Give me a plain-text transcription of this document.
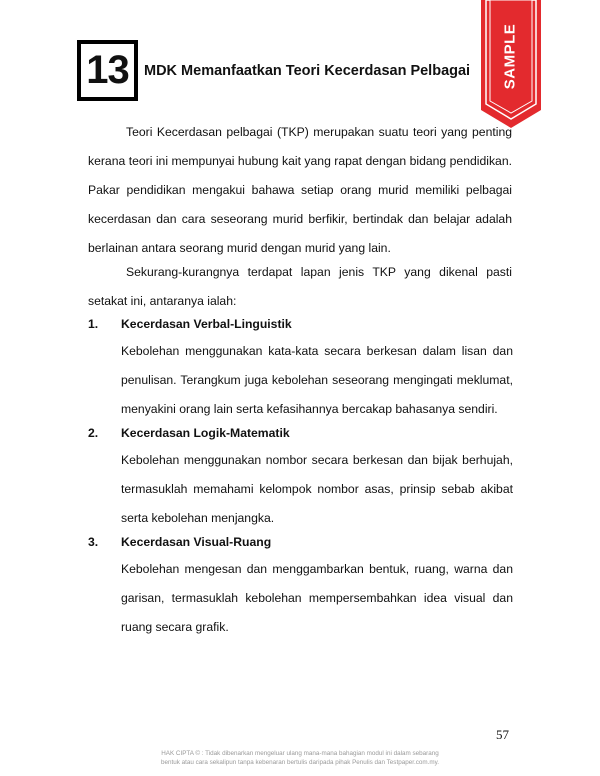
13 MDK Memanfaatkan Teori Kecerdasan Pelbagai SAMPLE

Teori Kecerdasan pelbagai (TKP) merupakan suatu teori yang penting kerana teori ini mempunyai hubung kait yang rapat dengan bidang pendidikan. Pakar pendidikan mengakui bahawa setiap orang murid memiliki pelbagai kecerdasan dan cara seseorang murid berfikir, bertindak dan belajar adalah berlainan antara seorang murid dengan murid yang lain.

Sekurang-kurangnya terdapat lapan jenis TKP yang dikenal pasti setakat ini, antaranya ialah:

1. Kecerdasan Verbal-Linguistik

Kebolehan menggunakan kata-kata secara berkesan dalam lisan dan penulisan. Terangkum juga kebolehan seseorang mengingati meklumat, menyakini orang lain serta kefasihannya bercakap bahasanya sendiri.

2. Kecerdasan Logik-Matematik

Kebolehan menggunakan nombor secara berkesan dan bijak berhujah, termasuklah memahami kelompok nombor asas, prinsip sebab akibat serta kebolehan menjangka.

3. Kecerdasan Visual-Ruang

Kebolehan mengesan dan menggambarkan bentuk, ruang, warna dan garisan, termasuklah kebolehan mempersembahkan idea visual dan ruang secara grafik.

57
HAK CIPTA © : Tidak dibenarkan mengeluar ulang mana-mana bahagian modul ini dalam sebarang
bentuk atau cara sekalipun tanpa kebenaran bertulis daripada pihak Penulis dan Testpaper.com.my.
